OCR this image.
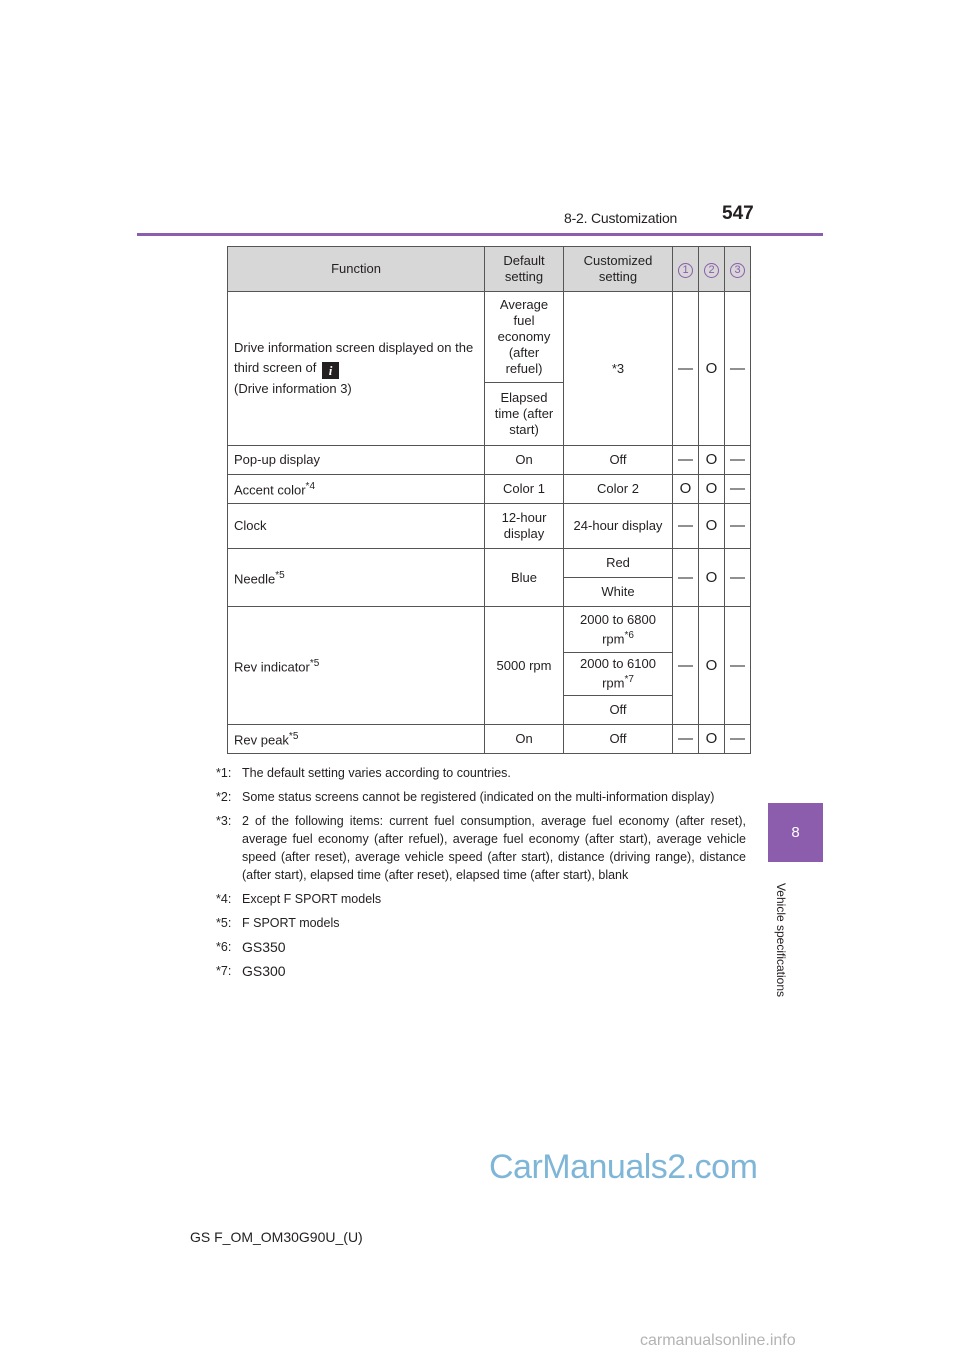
8-2. Customization 547
8
Vehicle specifications
Function	Default setting	Customized setting	1	2	3
Drive information screen displayed on the third screen of i
(Drive information 3)	Average fuel economy (after refuel)	*3	—	O	—
	Elapsed time (after start)				
Pop-up display	On	Off	—	O	—
Accent color$^{*4}$	Color 1	Color 2	O	O	—
Clock	12-hour display	24-hour display	—	O	—
Needle$^{*5}$	Blue	Red	—	O	—
		White			
Rev indicator$^{*5}$	5000 rpm	2000 to 6800 rpm$^{*6}$	—	O	—
		2000 to 6100 rpm$^{*7}$
		Off			
Rev peak$^{*5}$	On	Off	—	O	—
*1: The default setting varies according to countries.
*2: Some status screens cannot be registered (indicated on the multi-information display)
*3: 2 of the following items: current fuel consumption, average fuel economy (after reset), average fuel economy (after refuel), average fuel economy (after start), average vehicle speed (after reset), average vehicle speed (after start), distance (driving range), distance (after start), elapsed time (after reset), elapsed time (after start), blank
*4: Except F SPORT models
*5: F SPORT models
*6: GS350
*7: GS300
CarManuals2.com
GS F_OM_OM30G90U_(U)
carmanualsonline.info
